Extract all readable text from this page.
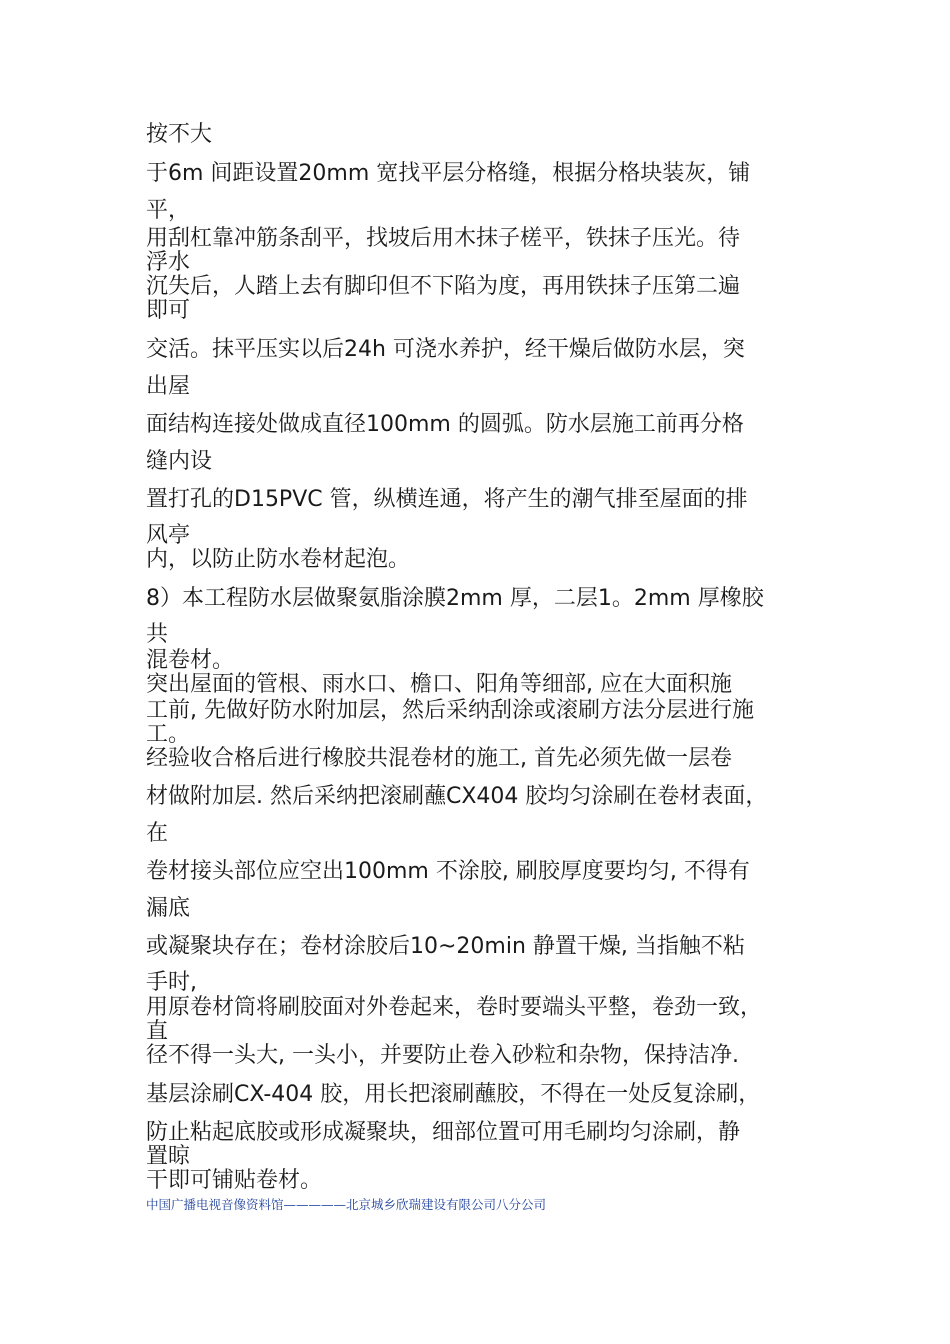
按不大
于6m 间距设置20mm 宽找平层分格缝，根据分格块装灰，铺
平，
用刮杠靠冲筋条刮平，找坡后用木抹子槎平，铁抹子压光。待
浮水
沉失后，人踏上去有脚印但不下陷为度，再用铁抹子压第二遍
即可
交活。抹平压实以后24h 可浇水养护，经干燥后做防水层，突
出屋
面结构连接处做成直径100mm 的圆弧。防水层施工前再分格
缝内设
置打孔的D15PVC 管，纵横连通，将产生的潮气排至屋面的排
风亭
内，以防止防水卷材起泡。
8）本工程防水层做聚氨脂涂膜2mm 厚，二层1。2mm 厚橡胶
共
混卷材。
突出屋面的管根、雨水口、檐口、阳角等细部, 应在大面积施
工前, 先做好防水附加层，然后采纳刮涂或滚刷方法分层进行施
工。
经验收合格后进行橡胶共混卷材的施工, 首先必须先做一层卷
材做附加层. 然后采纳把滚刷蘸CX404 胶均匀涂刷在卷材表面，
在
卷材接头部位应空出100mm 不涂胶, 刷胶厚度要均匀, 不得有
漏底
或凝聚块存在；卷材涂胶后10~20min 静置干燥, 当指触不粘
手时,
用原卷材筒将刷胶面对外卷起来，卷时要端头平整，卷劲一致，
直
径不得一头大, 一头小，并要防止卷入砂粒和杂物，保持洁净.
基层涂刷CX-404 胶，用长把滚刷蘸胶，不得在一处反复涂刷，
防止粘起底胶或形成凝聚块，细部位置可用毛刷均匀涂刷，静
置晾
干即可铺贴卷材。
中国广播电视音像资料馆—————北京城乡欣瑞建设有限公司八分公司
